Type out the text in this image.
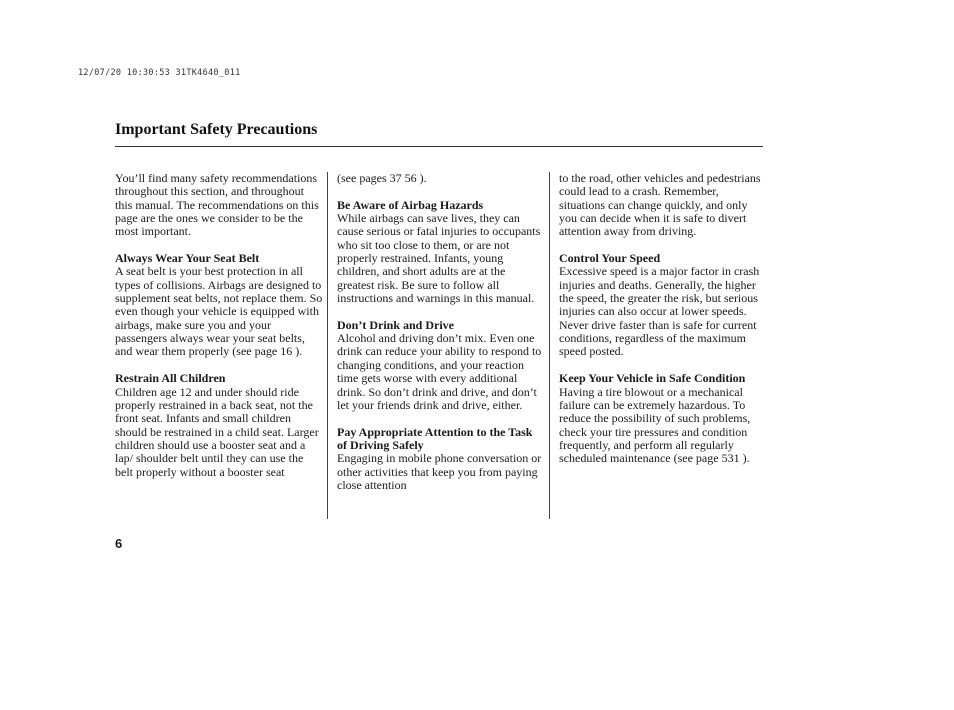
12/07/20 10:30:53 31TK4640_011
Important Safety Precautions
You’ll find many safety recommendations throughout this section, and throughout this manual. The recommendations on this page are the ones we consider to be the most important.
Always Wear Your Seat Belt
A seat belt is your best protection in all types of collisions. Airbags are designed to supplement seat belts, not replace them. So even though your vehicle is equipped with airbags, make sure you and your passengers always wear your seat belts, and wear them properly (see page 16 ).
Restrain All Children
Children age 12 and under should ride properly restrained in a back seat, not the front seat. Infants and small children should be restrained in a child seat. Larger children should use a booster seat and a lap/ shoulder belt until they can use the belt properly without a booster seat
(see pages 37 56 ).
Be Aware of Airbag Hazards
While airbags can save lives, they can cause serious or fatal injuries to occupants who sit too close to them, or are not properly restrained. Infants, young children, and short adults are at the greatest risk. Be sure to follow all instructions and warnings in this manual.
Don’t Drink and Drive
Alcohol and driving don’t mix. Even one drink can reduce your ability to respond to changing conditions, and your reaction time gets worse with every additional drink. So don’t drink and drive, and don’t let your friends drink and drive, either.
Pay Appropriate Attention to the Task of Driving Safely
Engaging in mobile phone conversation or other activities that keep you from paying close attention
to the road, other vehicles and pedestrians could lead to a crash. Remember, situations can change quickly, and only you can decide when it is safe to divert attention away from driving.
Control Your Speed
Excessive speed is a major factor in crash injuries and deaths. Generally, the higher the speed, the greater the risk, but serious injuries can also occur at lower speeds. Never drive faster than is safe for current conditions, regardless of the maximum speed posted.
Keep Your Vehicle in Safe Condition
Having a tire blowout or a mechanical failure can be extremely hazardous. To reduce the possibility of such problems, check your tire pressures and condition frequently, and perform all regularly scheduled maintenance (see page 531 ).
6
